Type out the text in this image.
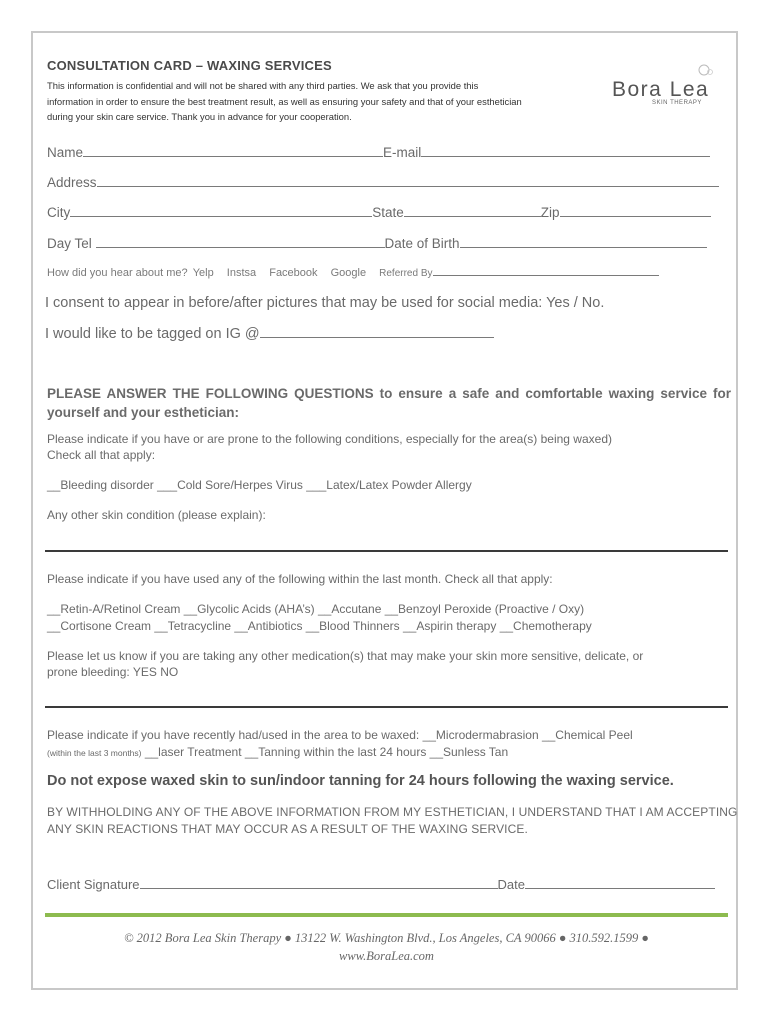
CONSULTATION CARD – WAXING SERVICES
This information is confidential and will not be shared with any third parties. We ask that you provide this
information in order to ensure the best treatment result, as well as ensuring your safety and that of your esthetician
during your skin care service. Thank you in advance for your cooperation.
Bora Lea
SKIN THERAPY
Name	E-mail
Address
City	State	Zip
Day Tel	Date of Birth
How did you hear about me? Yelp Instsa Facebook Google Referred By
I consent to appear in before/after pictures that may be used for social media: Yes / No.
I would like to be tagged on IG @
PLEASE ANSWER THE FOLLOWING QUESTIONS to ensure a safe and comfortable waxing service for yourself and your esthetician:
Please indicate if you have or are prone to the following conditions, especially for the area(s) being waxed)
Check all that apply:
__Bleeding disorder ___Cold Sore/Herpes Virus ___Latex/Latex Powder Allergy
Any other skin condition (please explain):
Please indicate if you have used any of the following within the last month. Check all that apply:
__Retin-A/Retinol Cream __Glycolic Acids (AHA’s) __Accutane __Benzoyl Peroxide (Proactive / Oxy)
__Cortisone Cream __Tetracycline __Antibiotics __Blood Thinners __Aspirin therapy __Chemotherapy
Please let us know if you are taking any other medication(s) that may make your skin more sensitive, delicate, or
prone bleeding: YES NO
Please indicate if you have recently had/used in the area to be waxed: __Microdermabrasion __Chemical Peel
(within the last 3 months) __laser Treatment __Tanning within the last 24 hours __Sunless Tan
Do not expose waxed skin to sun/indoor tanning for 24 hours following the waxing service.
BY WITHHOLDING ANY OF THE ABOVE INFORMATION FROM MY ESTHETICIAN, I UNDERSTAND THAT I AM ACCEPTING
ANY SKIN REACTIONS THAT MAY OCCUR AS A RESULT OF THE WAXING SERVICE.
Client Signature	Date
© 2012 Bora Lea Skin Therapy ● 13122 W. Washington Blvd., Los Angeles, CA 90066 ● 310.592.1599 ●
www.BoraLea.com
